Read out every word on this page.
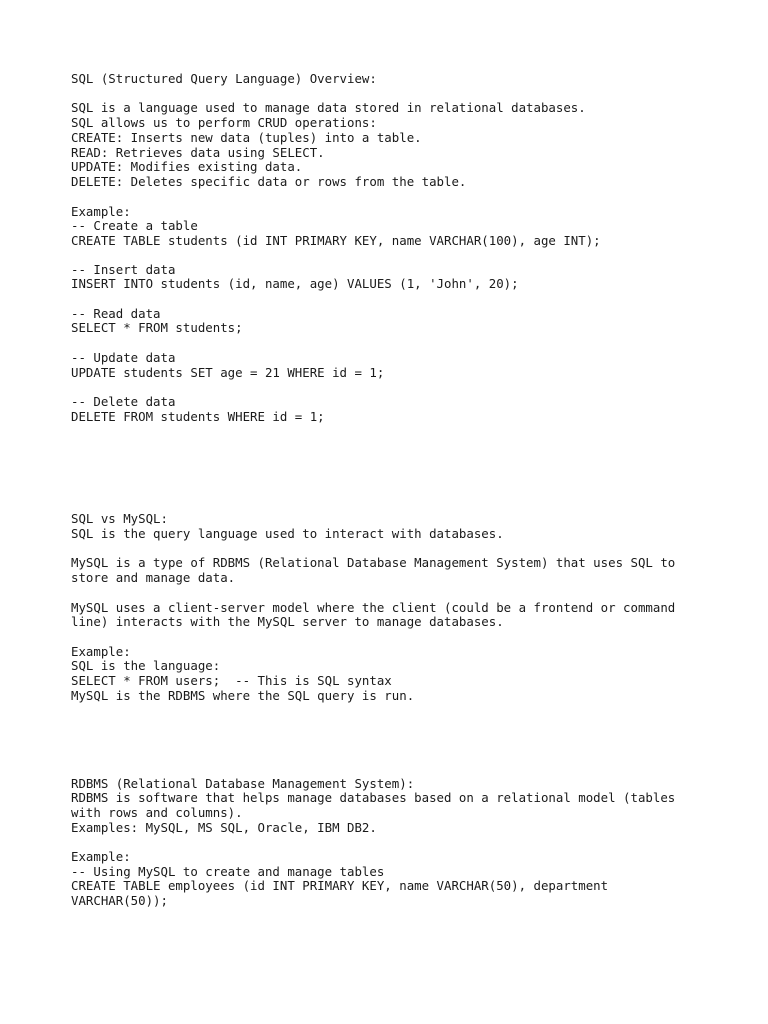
SQL (Structured Query Language) Overview:

SQL is a language used to manage data stored in relational databases.

SQL allows us to perform CRUD operations:

CREATE: Inserts new data (tuples) into a table.

READ: Retrieves data using SELECT.

UPDATE: Modifies existing data.

DELETE: Deletes specific data or rows from the table.

Example:

-- Create a table

CREATE TABLE students (id INT PRIMARY KEY, name VARCHAR(100), age INT);

-- Insert data

INSERT INTO students (id, name, age) VALUES (1, 'John', 20);

-- Read data

SELECT * FROM students;

-- Update data

UPDATE students SET age = 21 WHERE id = 1;

-- Delete data

DELETE FROM students WHERE id = 1;

SQL vs MySQL:

SQL is the query language used to interact with databases.

MySQL is a type of RDBMS (Relational Database Management System) that uses SQL to

store and manage data.

MySQL uses a client-server model where the client (could be a frontend or command

line) interacts with the MySQL server to manage databases.

Example:

SQL is the language:

SELECT * FROM users;  -- This is SQL syntax

MySQL is the RDBMS where the SQL query is run.

RDBMS (Relational Database Management System):

RDBMS is software that helps manage databases based on a relational model (tables

with rows and columns).

Examples: MySQL, MS SQL, Oracle, IBM DB2.

Example:

-- Using MySQL to create and manage tables

CREATE TABLE employees (id INT PRIMARY KEY, name VARCHAR(50), department

VARCHAR(50));
